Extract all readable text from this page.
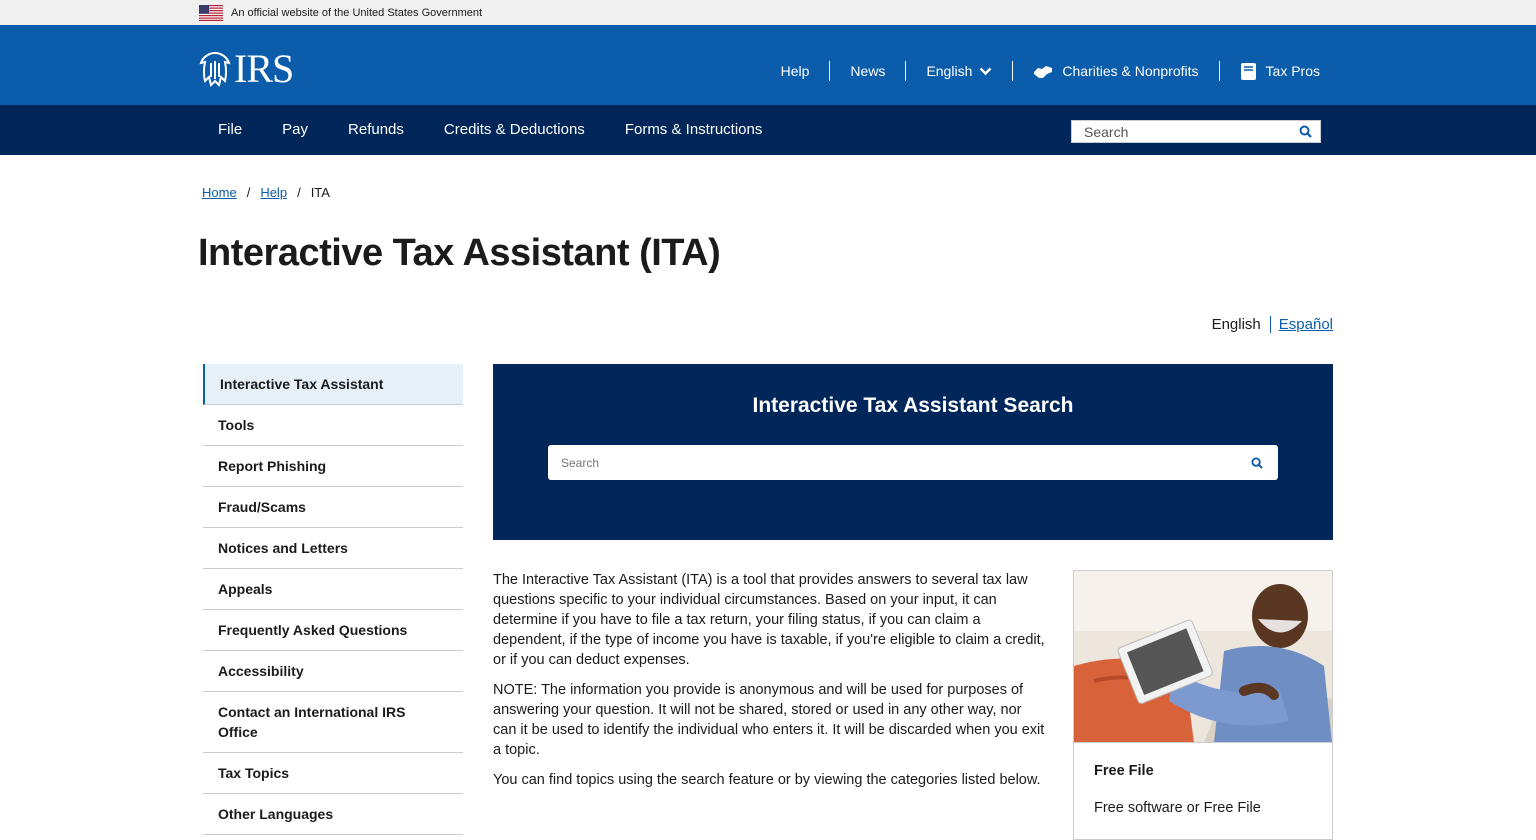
An official website of the United States Government
IRS	Help	News	English	Charities & Nonprofits	Tax Pros
File	Pay	Refunds	Credits & Deductions	Forms & Instructions
Search
Home / Help / ITA
Interactive Tax Assistant (ITA)
English	Español
Interactive Tax Assistant
Tools
Report Phishing
Fraud/Scams
Notices and Letters
Appeals
Frequently Asked Questions
Accessibility
Contact an International IRS Office
Tax Topics
Other Languages
Interactive Tax Assistant Search
Search

The Interactive Tax Assistant (ITA) is a tool that provides answers to several tax law questions specific to your individual circumstances. Based on your input, it can determine if you have to file a tax return, your filing status, if you can claim a dependent, if the type of income you have is taxable, if you're eligible to claim a credit, or if you can deduct expenses.

NOTE: The information you provide is anonymous and will be used for purposes of answering your question. It will not be shared, stored or used in any other way, nor can it be used to identify the individual who enters it. It will be discarded when you exit a topic.

You can find topics using the search feature or by viewing the categories listed below.

Free File
Free software or Free File
